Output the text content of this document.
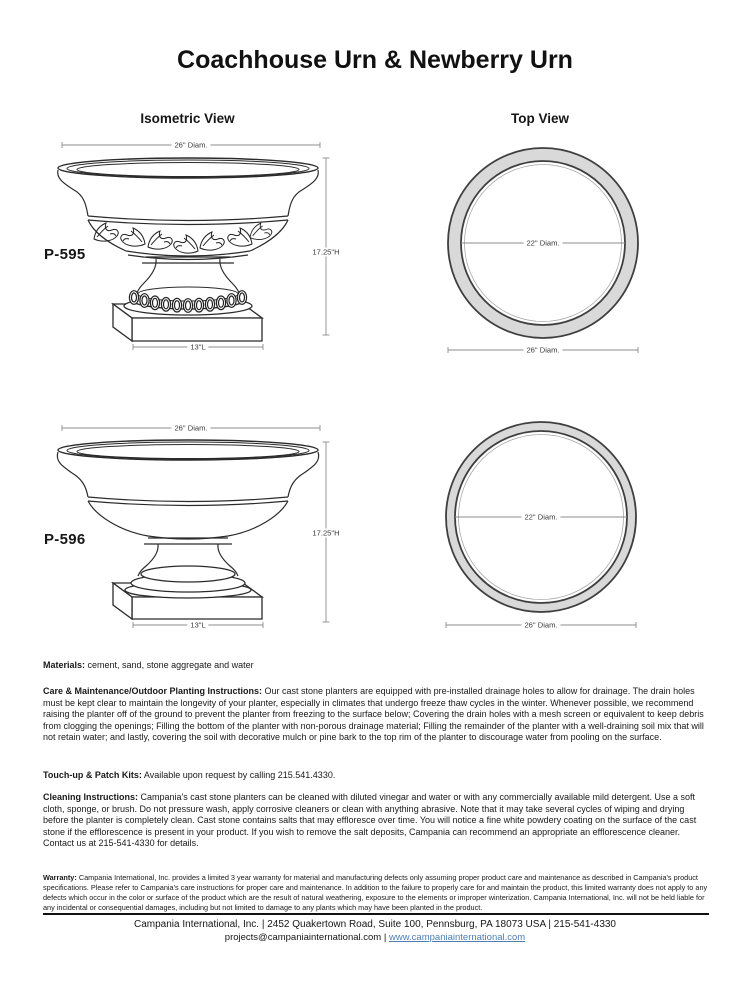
Coachhouse Urn & Newberry Urn
Isometric View	Top View
26" Diam.
17.25"H
13"L
P-595
22" Diam.
26" Diam.
26" Diam.
17.25"H
13"L
P-596
22" Diam.
26" Diam.

Materials: cement, sand, stone aggregate and water

Care & Maintenance/Outdoor Planting Instructions: Our cast stone planters are equipped with pre-installed drainage holes to allow for drainage. The drain holes must be kept clear to maintain the longevity of your planter, especially in climates that undergo freeze thaw cycles in the winter. Whenever possible, we recommend raising the planter off of the ground to prevent the planter from freezing to the surface below; Covering the drain holes with a mesh screen or equivalent to keep debris from clogging the openings; Filling the bottom of the planter with non-porous drainage material; Filling the remainder of the planter with a well-draining soil mix that will not retain water; and lastly, covering the soil with decorative mulch or pine bark to the top rim of the planter to discourage water from pooling on the surface.

Touch-up & Patch Kits: Available upon request by calling 215.541.4330.

Cleaning Instructions: Campania's cast stone planters can be cleaned with diluted vinegar and water or with any commercially available mild detergent. Use a soft cloth, sponge, or brush. Do not pressure wash, apply corrosive cleaners or clean with anything abrasive. Note that it may take several cycles of wiping and drying before the planter is completely clean. Cast stone contains salts that may effloresce over time. You will notice a fine white powdery coating on the surface of the cast stone if the efflorescence is present in your product. If you wish to remove the salt deposits, Campania can recommend an appropriate an efflorescence cleaner. Contact us at 215-541-4330 for details.

Warranty: Campania International, Inc. provides a limited 3 year warranty for material and manufacturing defects only assuming proper product care and maintenance as described in Campania's product specifications. Please refer to Campania's care instructions for proper care and maintenance. In addition to the failure to properly care for and maintain the product, this limited warranty does not apply to any defects which occur in the color or surface of the product which are the result of natural weathering, exposure to the elements or improper winterization. Campania International, Inc. will not be held liable for any incidental or consequential damages, including but not limited to damage to any plants which may have been planted in the product.

Campania International, Inc. | 2452 Quakertown Road, Suite 100, Pennsburg, PA 18073 USA | 215-541-4330
projects@campaniainternational.com | www.campaniainternational.com
